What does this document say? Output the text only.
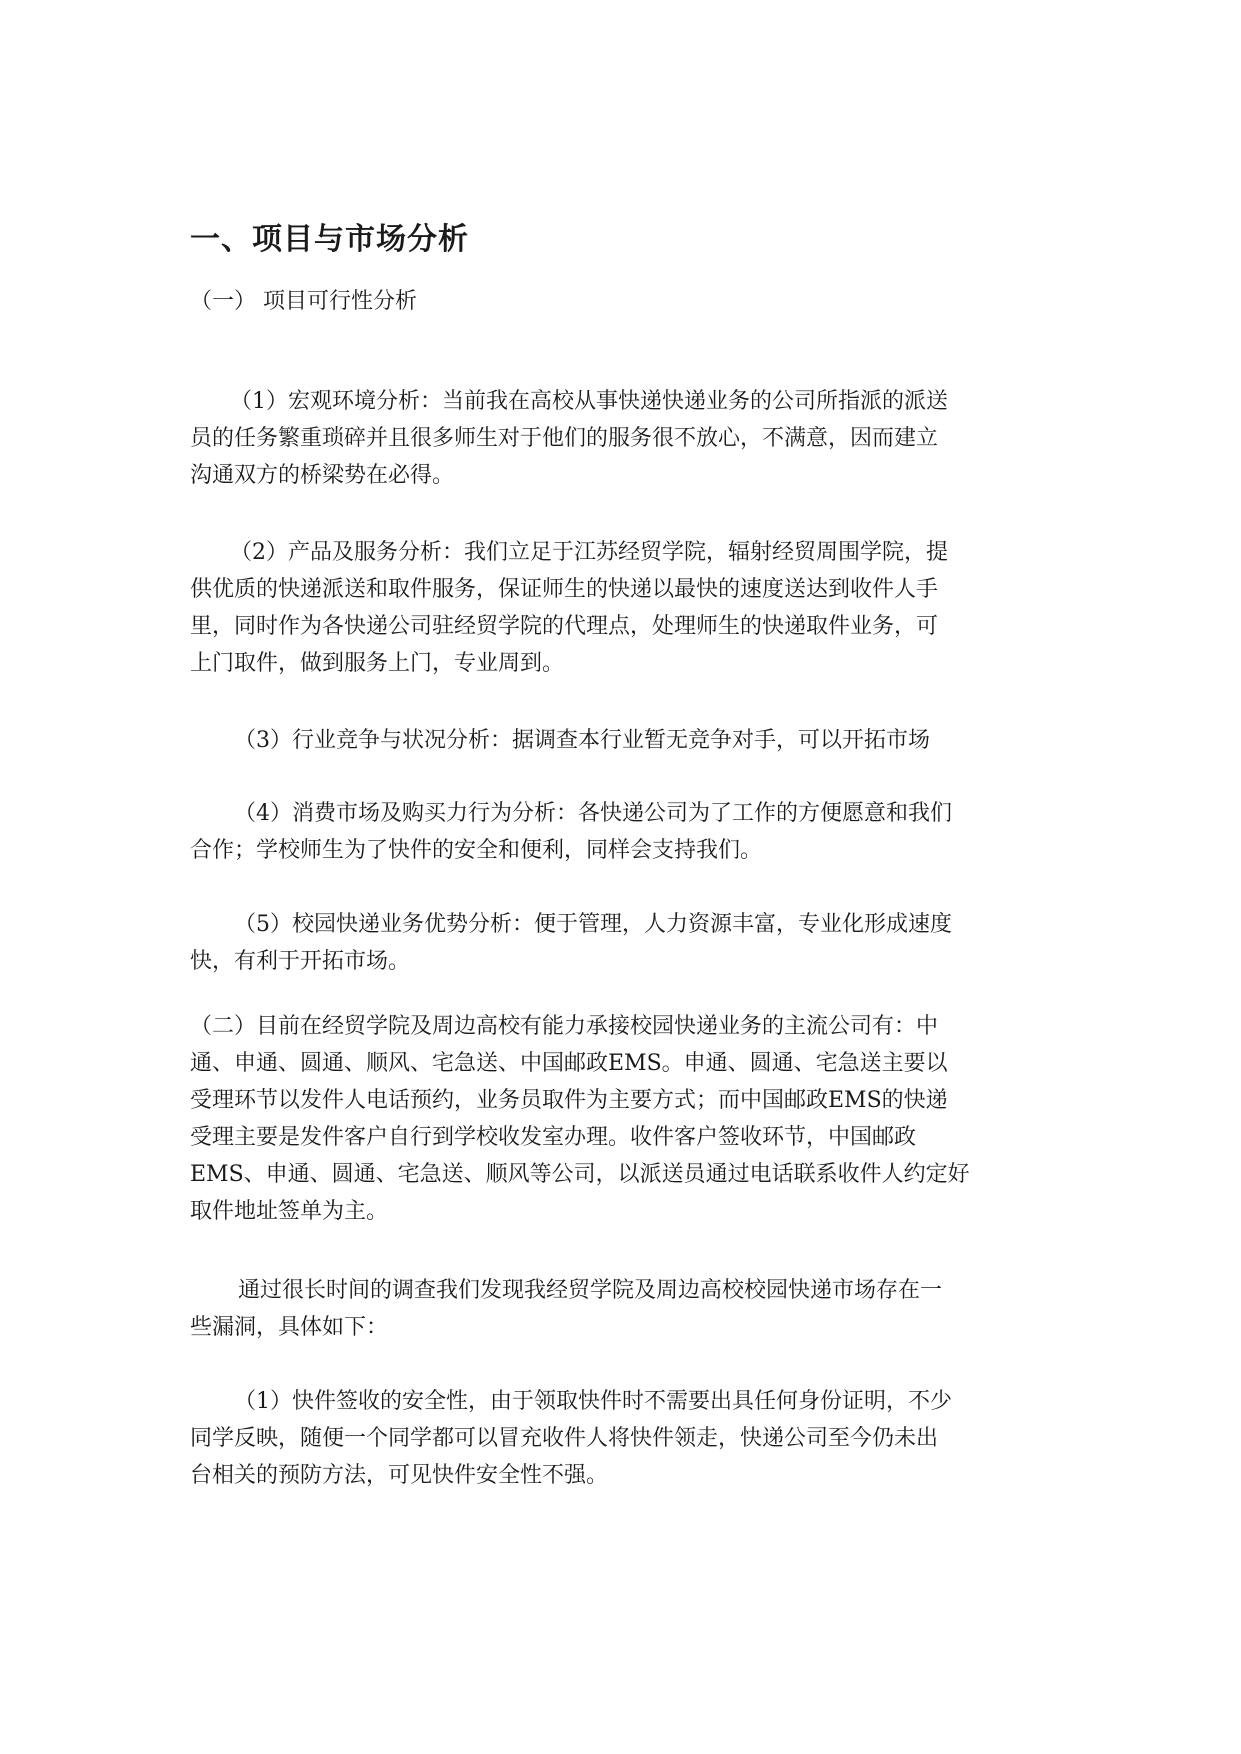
一、项目与市场分析
（一） 项目可行性分析
（1）宏观环境分析：当前我在高校从事快递快递业务的公司所指派的派送
员的任务繁重琐碎并且很多师生对于他们的服务很不放心，不满意，因而建立
沟通双方的桥梁势在必得。
（2）产品及服务分析：我们立足于江苏经贸学院，辐射经贸周围学院，提
供优质的快递派送和取件服务，保证师生的快递以最快的速度送达到收件人手
里，同时作为各快递公司驻经贸学院的代理点，处理师生的快递取件业务，可
上门取件，做到服务上门，专业周到。
（3）行业竞争与状况分析：据调查本行业暂无竞争对手，可以开拓市场
（4）消费市场及购买力行为分析：各快递公司为了工作的方便愿意和我们
合作；学校师生为了快件的安全和便利，同样会支持我们。
（5）校园快递业务优势分析：便于管理，人力资源丰富，专业化形成速度
快，有利于开拓市场。
（二）目前在经贸学院及周边高校有能力承接校园快递业务的主流公司有：中
通、申通、圆通、顺风、宅急送、中国邮政EMS。申通、圆通、宅急送主要以
受理环节以发件人电话预约，业务员取件为主要方式；而中国邮政EMS的快递
受理主要是发件客户自行到学校收发室办理。收件客户签收环节，中国邮政
EMS、申通、圆通、宅急送、顺风等公司，以派送员通过电话联系收件人约定好
取件地址签单为主。
通过很长时间的调查我们发现我经贸学院及周边高校校园快递市场存在一
些漏洞，具体如下：
（1）快件签收的安全性，由于领取快件时不需要出具任何身份证明，不少
同学反映，随便一个同学都可以冒充收件人将快件领走，快递公司至今仍未出
台相关的预防方法，可见快件安全性不强。
